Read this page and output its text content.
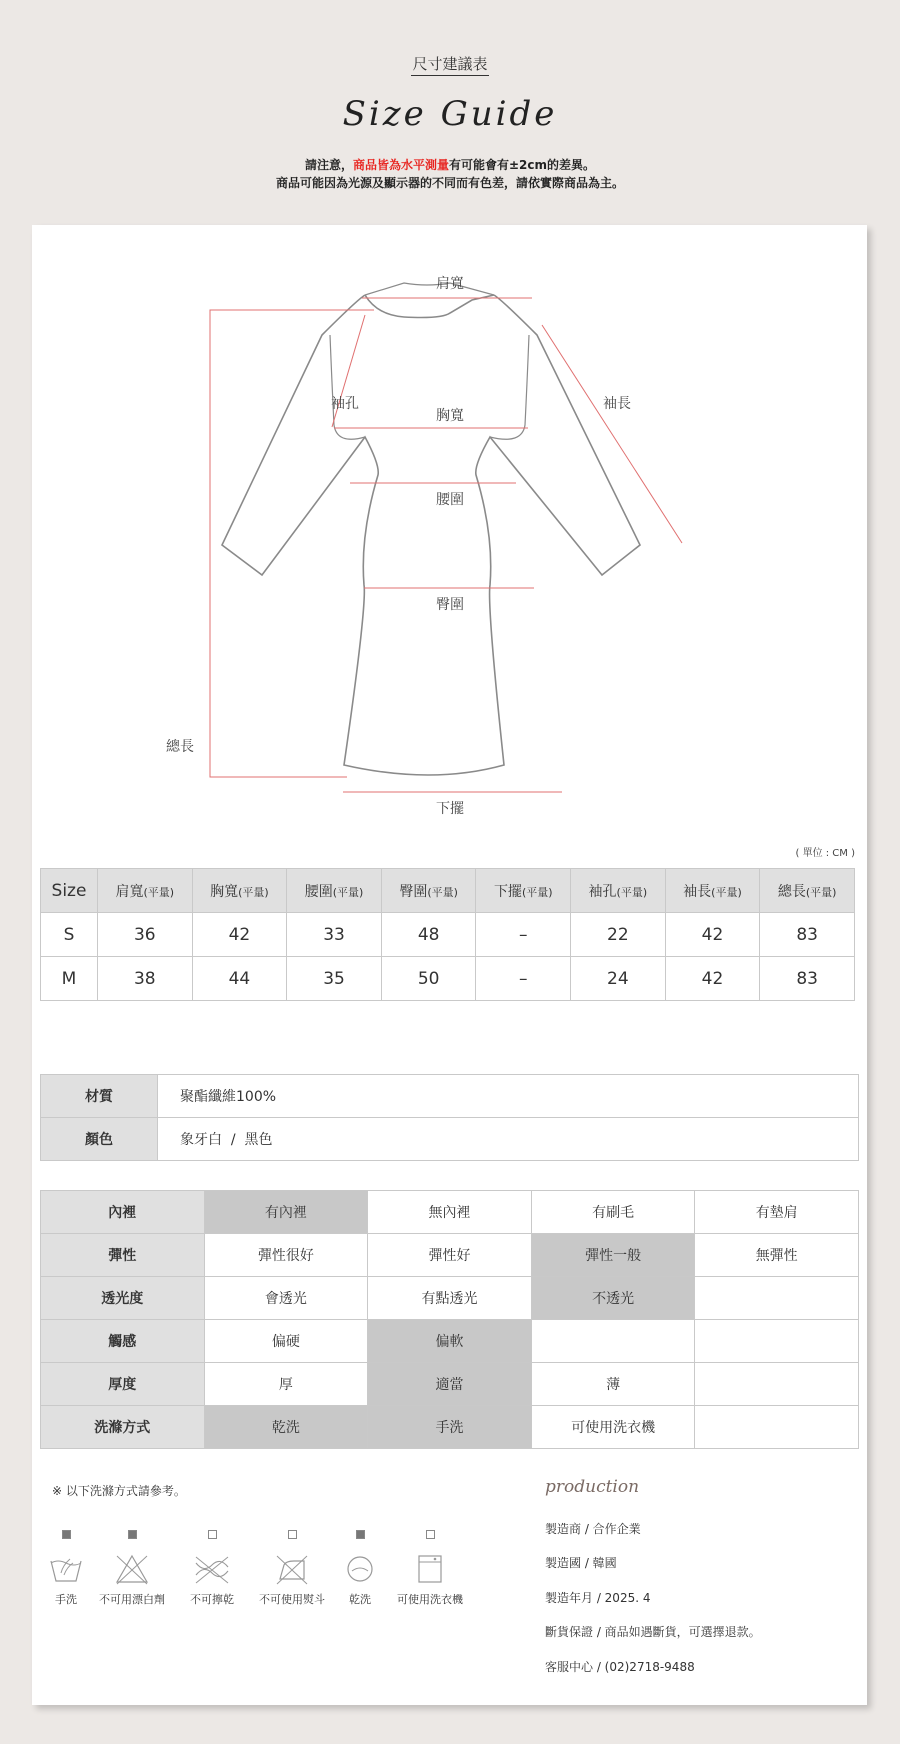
尺寸建議表
Size Guide
請注意，商品皆為水平測量有可能會有±2cm的差異。
商品可能因為光源及顯示器的不同而有色差，請依實際商品為主。
肩寬
袖孔
胸寬
袖長
腰圍
臀圍
總長
下擺
( 單位 : CM )
Size	肩寬(平量)	胸寬(平量)	腰圍(平量)	臀圍(平量)	下擺(平量)	袖孔(平量)	袖長(平量)	總長(平量)
S	36	42	33	48	–	22	42	83
M	38	44	35	50	–	24	42	83
材質	聚酯纖維100%
顏色	象牙白  /  黑色
內裡	有內裡	無內裡	有刷毛	有墊肩
彈性	彈性很好	彈性好	彈性一般	無彈性
透光度	會透光	有點透光	不透光	
觸感	偏硬	偏軟		
厚度	厚	適當	薄	
洗滌方式	乾洗	手洗	可使用洗衣機	
※ 以下洗滌方式請參考。
手洗	不可用漂白劑	不可擰乾	不可使用熨斗	乾洗	可使用洗衣機
production
製造商 / 合作企業
製造國 / 韓國
製造年月 / 2025. 4
斷貨保證 / 商品如遇斷貨，可選擇退款。
客服中心 / (02)2718-9488
